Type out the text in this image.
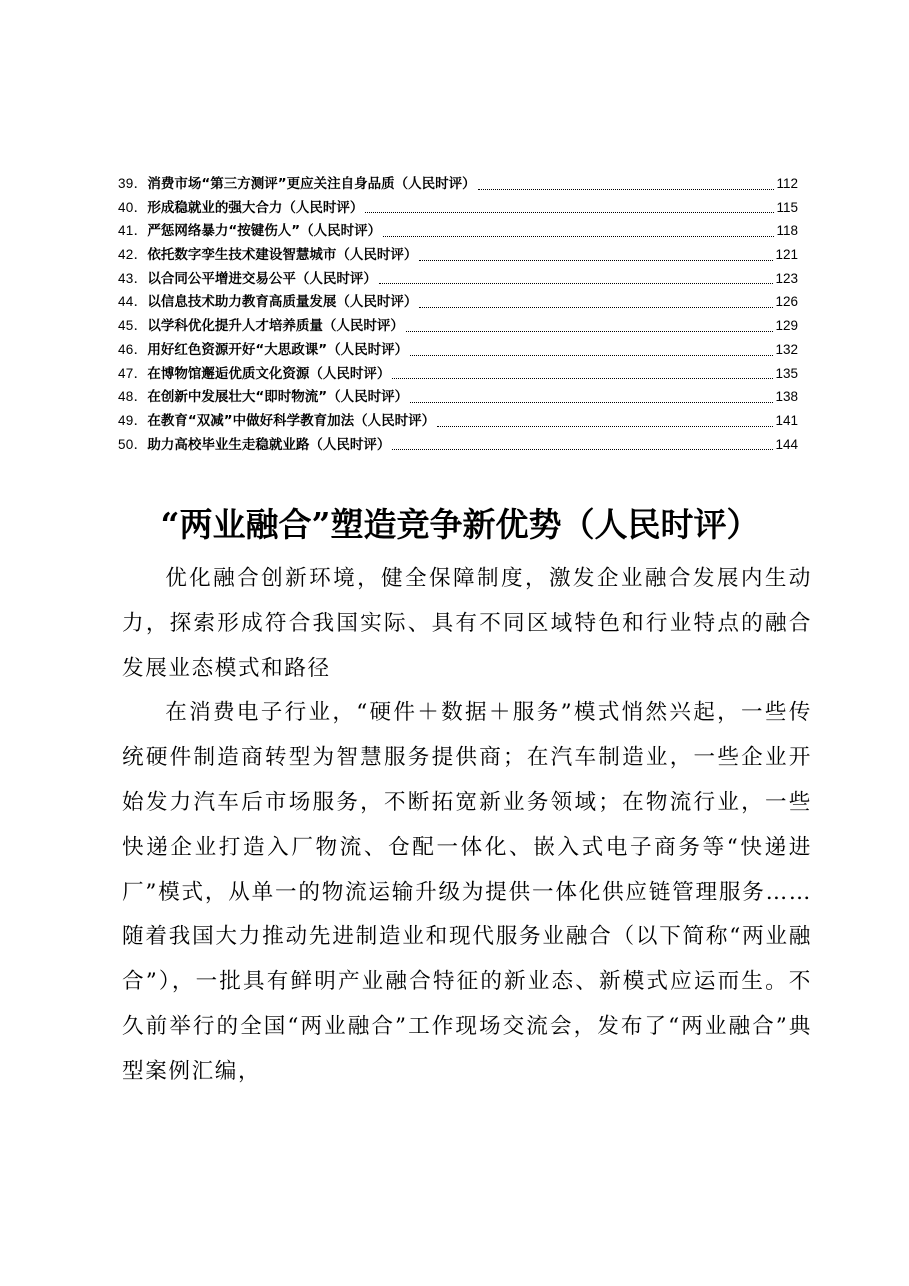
39． 消费市场“第三方测评”更应关注自身品质（人民时评）	112
40． 形成稳就业的强大合力（人民时评）	115
41． 严惩网络暴力“按键伤人”（人民时评）	118
42． 依托数字孪生技术建设智慧城市（人民时评）	121
43． 以合同公平增进交易公平（人民时评）	123
44． 以信息技术助力教育高质量发展（人民时评）	126
45． 以学科优化提升人才培养质量（人民时评）	129
46． 用好红色资源开好“大思政课”（人民时评）	132
47． 在博物馆邂逅优质文化资源（人民时评）	135
48． 在创新中发展壮大“即时物流”（人民时评）	138
49． 在教育“双减”中做好科学教育加法（人民时评）	141
50． 助力高校毕业生走稳就业路（人民时评）	144
“两业融合”塑造竞争新优势（人民时评）

优化融合创新环境，健全保障制度，激发企业融合发展内生动力，探索形成符合我国实际、具有不同区域特色和行业特点的融合发展业态模式和路径

在消费电子行业，“硬件＋数据＋服务”模式悄然兴起，一些传统硬件制造商转型为智慧服务提供商；在汽车制造业，一些企业开始发力汽车后市场服务，不断拓宽新业务领域；在物流行业，一些快递企业打造入厂物流、仓配一体化、嵌入式电子商务等“快递进厂”模式，从单一的物流运输升级为提供一体化供应链管理服务……随着我国大力推动先进制造业和现代服务业融合（以下简称“两业融合”），一批具有鲜明产业融合特征的新业态、新模式应运而生。不久前举行的全国“两业融合”工作现场交流会，发布了“两业融合”典型案例汇编，
